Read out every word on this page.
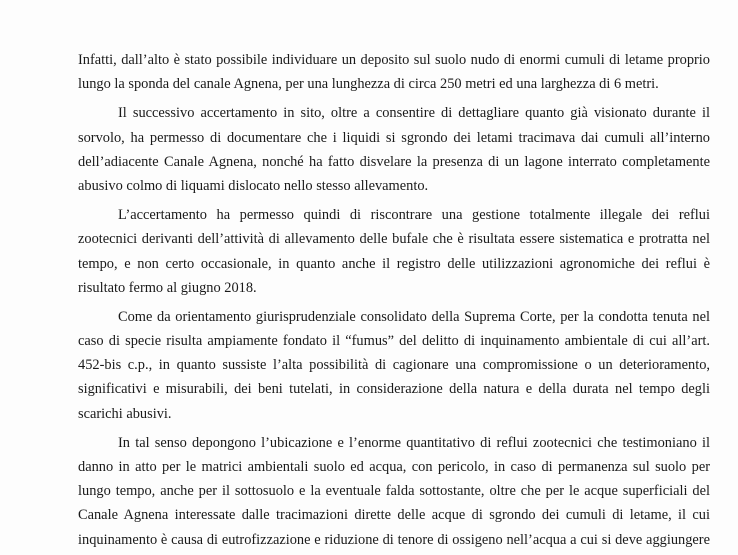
Infatti, dall’alto è stato possibile individuare un deposito sul suolo nudo di enormi cumuli di letame proprio
lungo la sponda del canale Agnena, per una lunghezza di circa 250 metri ed una larghezza di 6 metri.
Il successivo accertamento in sito, oltre a consentire di dettagliare quanto già visionato durante il
sorvolo, ha permesso di documentare che i liquidi si sgrondo dei letami tracimava dai cumuli all’interno
dell’adiacente Canale Agnena, nonché ha fatto disvelare la presenza di un lagone interrato completamente
abusivo colmo di liquami dislocato nello stesso allevamento.
L’accertamento ha permesso quindi di riscontrare una gestione totalmente illegale dei reflui
zootecnici derivanti dell’attività di allevamento delle bufale che è risultata essere sistematica e protratta nel
tempo, e non certo occasionale, in quanto anche il registro delle utilizzazioni agronomiche dei reflui è
risultato fermo al giugno 2018.
Come da orientamento giurisprudenziale consolidato della Suprema Corte, per la condotta tenuta nel
caso di specie risulta ampiamente fondato il “fumus” del delitto di inquinamento ambientale di cui all’art.
452-bis c.p., in quanto sussiste l’alta possibilità di cagionare una compromissione o un deterioramento,
significativi e misurabili, dei beni tutelati, in considerazione della natura e della durata nel tempo degli
scarichi abusivi.
In tal senso depongono l’ubicazione e l’enorme quantitativo di reflui zootecnici che testimoniano il
danno in atto per le matrici ambientali suolo ed acqua, con pericolo, in caso di permanenza sul suolo per
lungo tempo, anche per il sottosuolo e la eventuale falda sottostante, oltre che per le acque superficiali del
Canale Agnena interessate dalle tracimazioni dirette delle acque di sgrondo dei cumuli di letame, il cui
inquinamento è causa di eutrofizzazione e riduzione di tenore di ossigeno nell’acqua a cui si deve aggiungere
